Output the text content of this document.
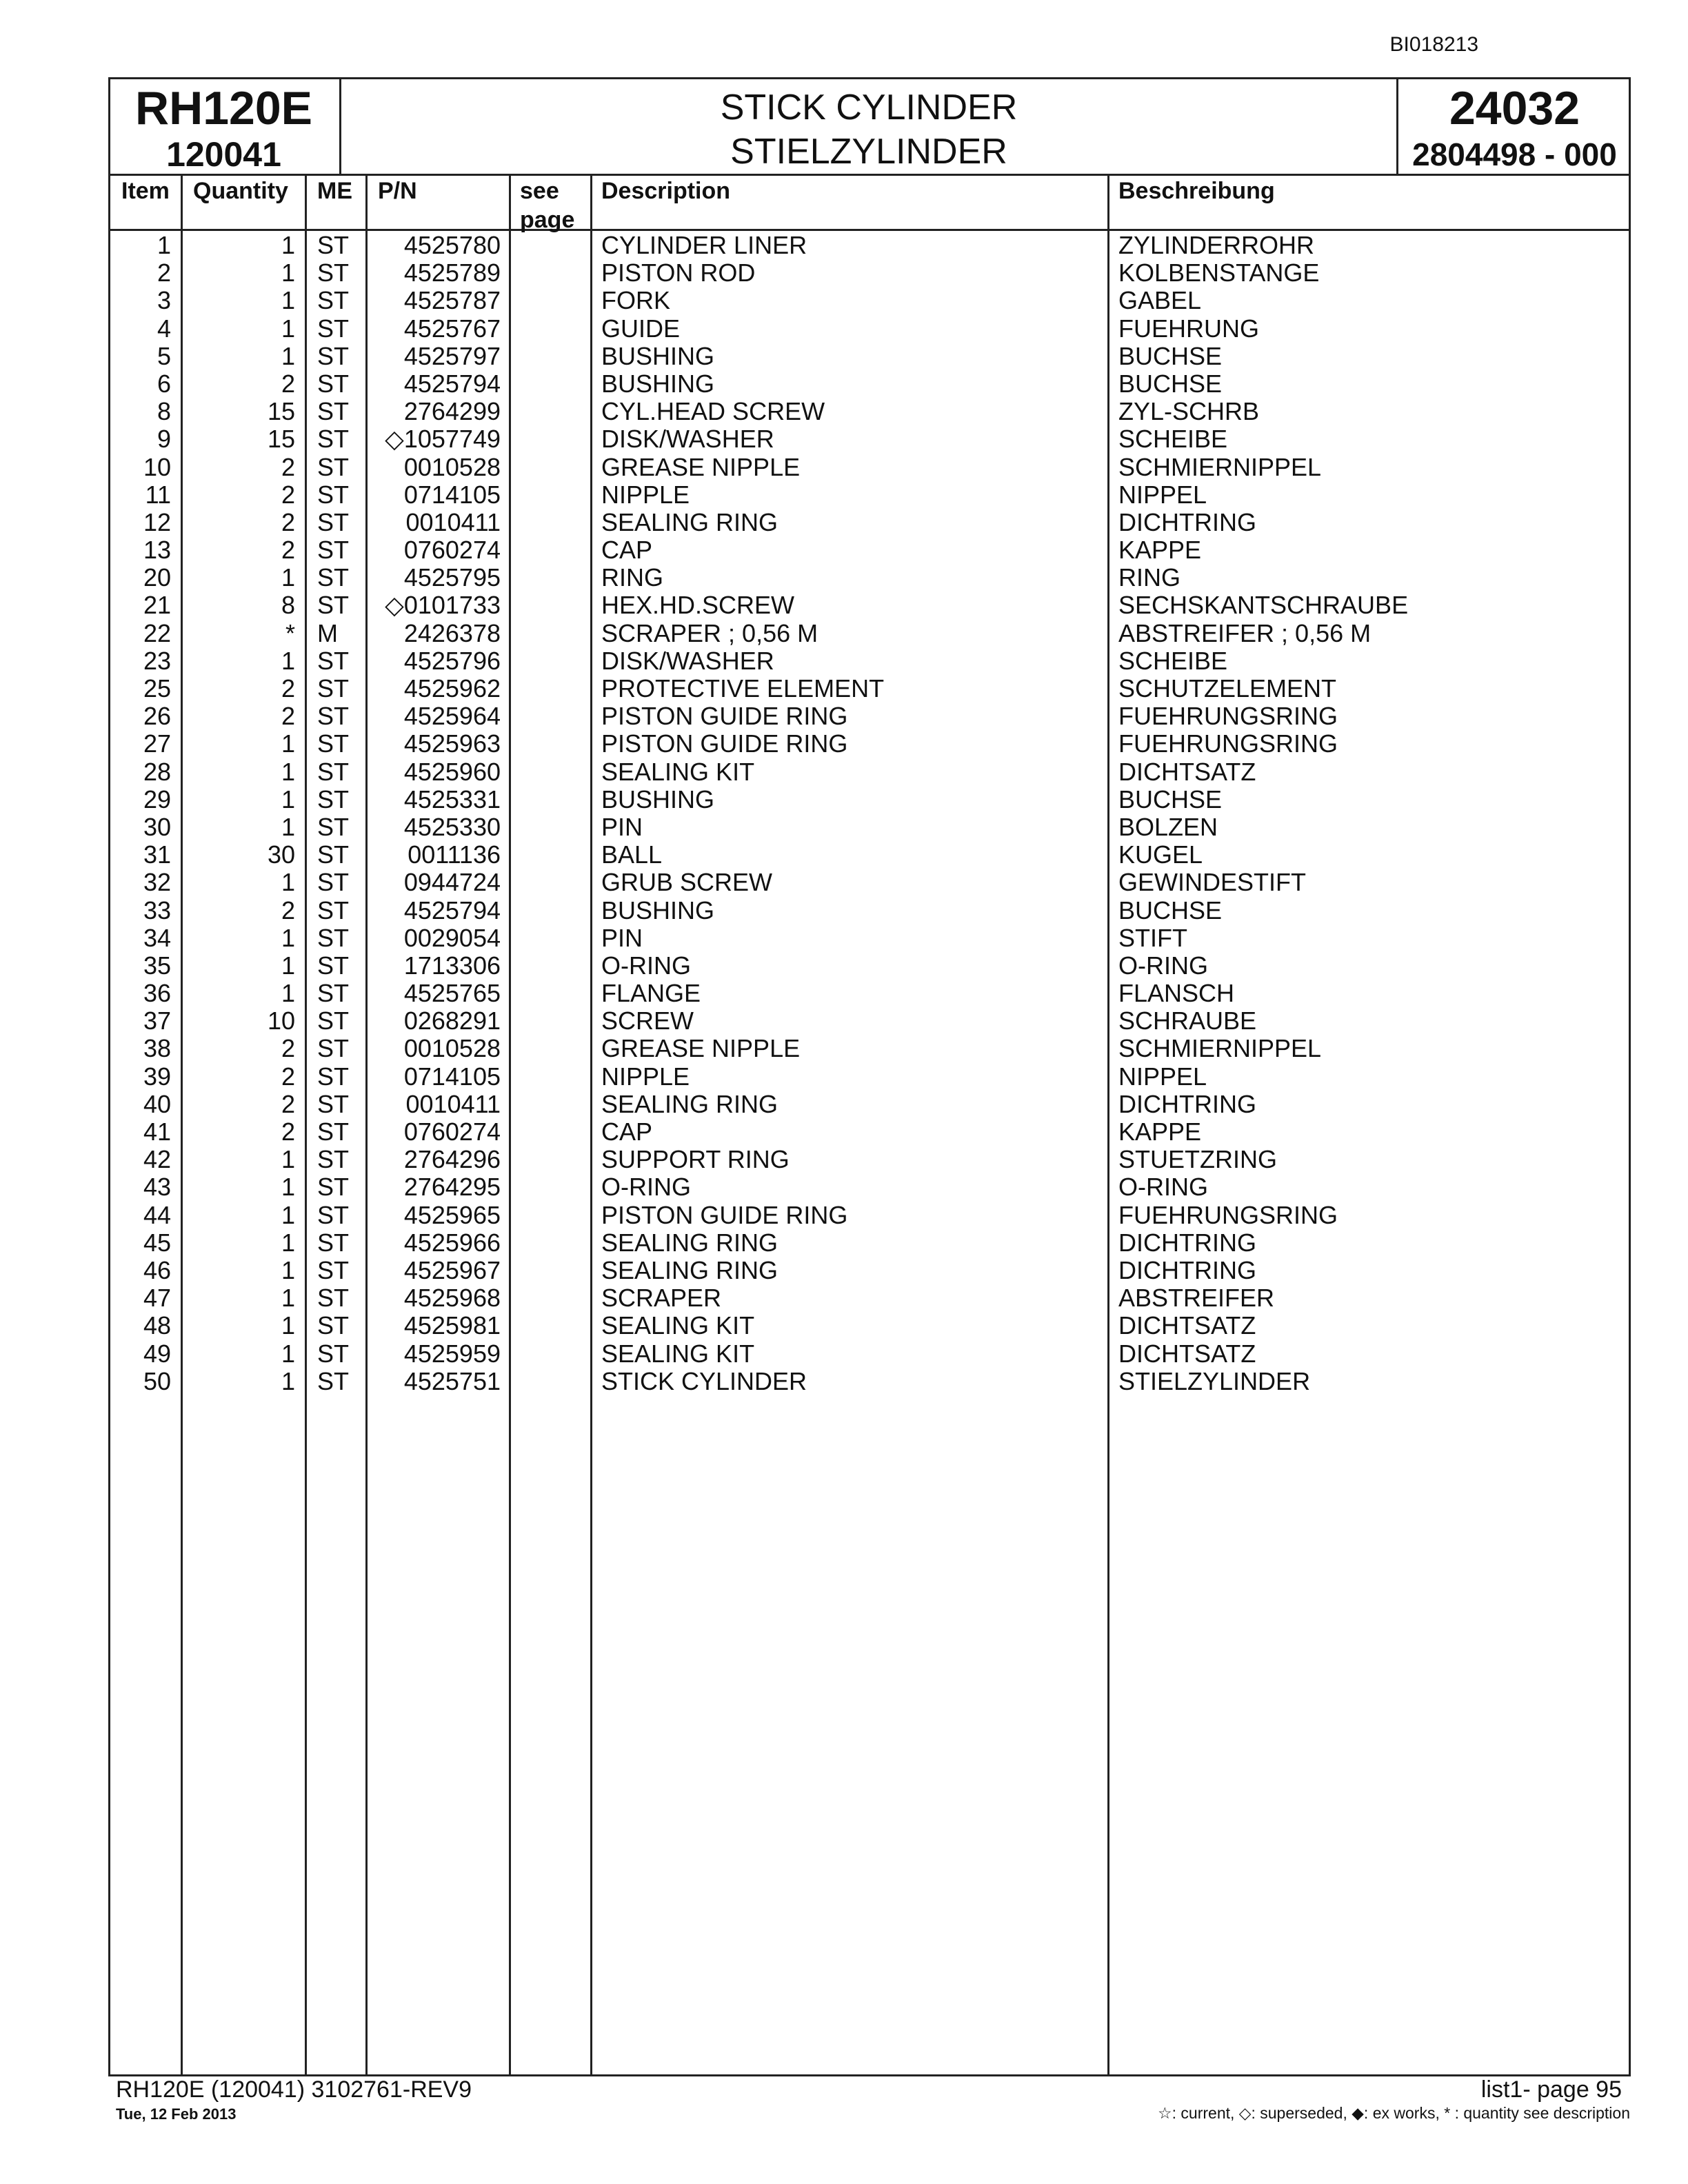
BI018213
RH120E
120041
STICK CYLINDER
STIELZYLINDER
24032
2804498 - 000
Item Quantity ME P/N	see
page
Description	Beschreibung
1	1 ST 4525780	CYLINDER LINER	ZYLINDERROHR
2	1 ST 4525789	PISTON ROD	KOLBENSTANGE
3	1 ST 4525787	FORK	GABEL
4	1 ST 4525767	GUIDE	FUEHRUNG
5	1 ST 4525797	BUSHING	BUCHSE
6	2 ST 4525794	BUSHING	BUCHSE
8	15 ST 2764299	CYL.HEAD SCREW	ZYL-SCHRB
9	15 ST ◇1057749	DISK/WASHER	SCHEIBE
10	2 ST 0010528	GREASE NIPPLE	SCHMIERNIPPEL
11	2 ST 0714105	NIPPLE	NIPPEL
12	2 ST 0010411	SEALING RING	DICHTRING
13	2 ST 0760274	CAP	KAPPE
20	1 ST 4525795	RING	RING
21	8 ST ◇0101733	HEX.HD.SCREW	SECHSKANTSCHRAUBE
22	* M	2426378	SCRAPER ; 0,56 M	ABSTREIFER ; 0,56 M
23	1 ST 4525796	DISK/WASHER	SCHEIBE
25	2 ST 4525962	PROTECTIVE ELEMENT	SCHUTZELEMENT
26	2 ST 4525964	PISTON GUIDE RING	FUEHRUNGSRING
27	1 ST 4525963	PISTON GUIDE RING	FUEHRUNGSRING
28	1 ST 4525960	SEALING KIT	DICHTSATZ
29	1 ST 4525331	BUSHING	BUCHSE
30	1 ST 4525330	PIN	BOLZEN
31	30 ST 0011136	BALL	KUGEL
32	1 ST 0944724	GRUB SCREW	GEWINDESTIFT
33	2 ST 4525794	BUSHING	BUCHSE
34	1 ST 0029054	PIN	STIFT
35	1 ST 1713306	O-RING	O-RING
36	1 ST 4525765	FLANGE	FLANSCH
37	10 ST 0268291	SCREW	SCHRAUBE
38	2 ST 0010528	GREASE NIPPLE	SCHMIERNIPPEL
39	2 ST 0714105	NIPPLE	NIPPEL
40	2 ST 0010411	SEALING RING	DICHTRING
41	2 ST 0760274	CAP	KAPPE
42	1 ST 2764296	SUPPORT RING	STUETZRING
43	1 ST 2764295	O-RING	O-RING
44	1 ST 4525965	PISTON GUIDE RING	FUEHRUNGSRING
45	1 ST 4525966	SEALING RING	DICHTRING
46	1 ST 4525967	SEALING RING	DICHTRING
47	1 ST 4525968	SCRAPER	ABSTREIFER
48	1 ST 4525981	SEALING KIT	DICHTSATZ
49	1 ST 4525959	SEALING KIT	DICHTSATZ
50	1 ST 4525751	STICK CYLINDER	STIELZYLINDER
RH120E (120041) 3102761-REV9
Tue, 12 Feb 2013
list1- page 95
☆: current, ◇: superseded, ◆: ex works, * : quantity see description
